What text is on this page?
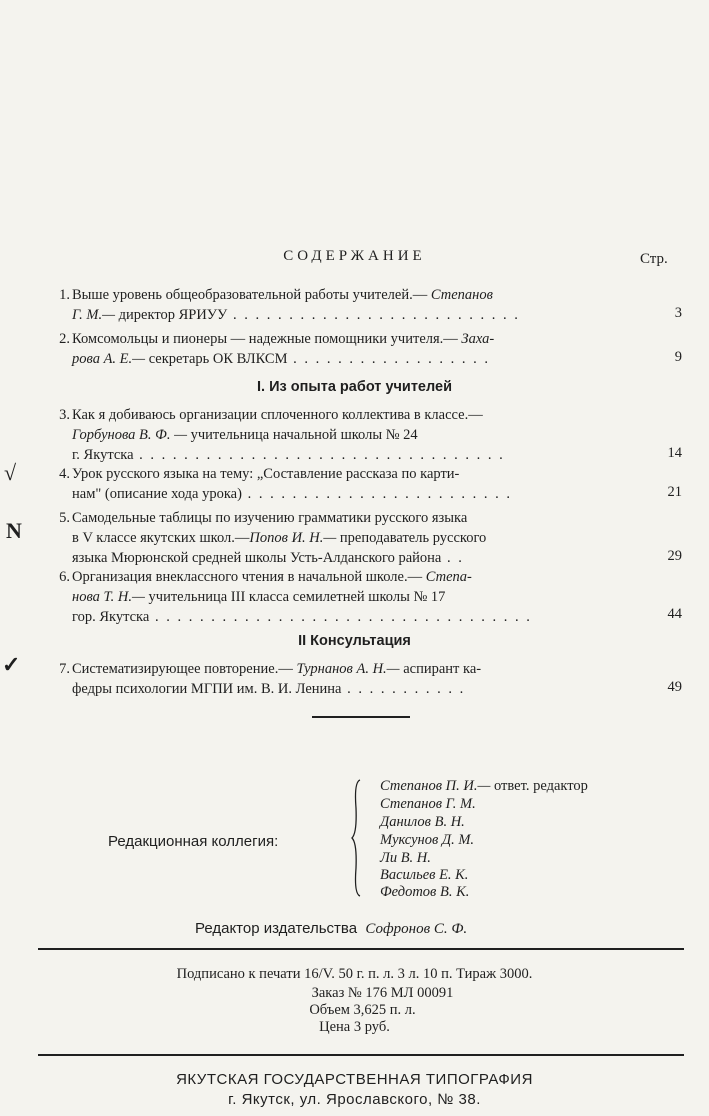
СОДЕРЖАНИЕ	Стр.
1. Выше уровень общеобразовательной работы учителей.— Степанов
Г. М.— директор ЯРИУУ . . . . . . . . . . . . . . . . . . . . . . . . . .	3
2. Комсомольцы и пионеры — надежные помощники учителя.— Заха-
рова А. Е.— секретарь ОК ВЛКСМ . . . . . . . . . . . . . . . . . .	9
I. Из опыта работ учителей
3. Как я добиваюсь организации сплоченного коллектива в классе.—
Горбунова В. Ф. — учительница начальной школы № 24
г. Якутска . . . . . . . . . . . . . . . . . . . . . . . . . . . . . . . . .	14
√	4. Урок русского языка на тему: „Составление рассказа по карти-
нам" (описание хода урока) . . . . . . . . . . . . . . . . . . . . . . . .	21
N	5. Самодельные таблицы по изучению грамматики русского языка
в V классе якутских школ.—Попов И. Н.— преподаватель русского
языка Мюрюнской средней школы Усть-Алданского района . .	29
6. Организация внеклассного чтения в начальной школе.— Степа-
нова Т. Н.— учительница III класса семилетней школы № 17
гор. Якутска . . . . . . . . . . . . . . . . . . . . . . . . . . . . . . . . . .	44
II Консультация
✓	7. Систематизирующее повторение.— Турнанов А. Н.— аспирант ка-
федры психологии МГПИ им. В. И. Ленина . . . . . . . . . . .	49
Редакционная коллегия:
Степанов П. И.— ответ. редактор
Степанов Г. М.
Данилов В. Н.
Муксунов Д. М.
Ли В. Н.
Васильев Е. К.
Федотов В. К.
Редактор издательства Софронов С. Ф.
Подписано к печати 16/V. 50 г. п. л. 3 л. 10 п. Тираж 3000.
Заказ № 176 МЛ 00091
Объем 3,625 п. л.
Цена 3 руб.
ЯКУТСКАЯ ГОСУДАРСТВЕННАЯ ТИПОГРАФИЯ
г. Якутск, ул. Ярославского, № 38.
